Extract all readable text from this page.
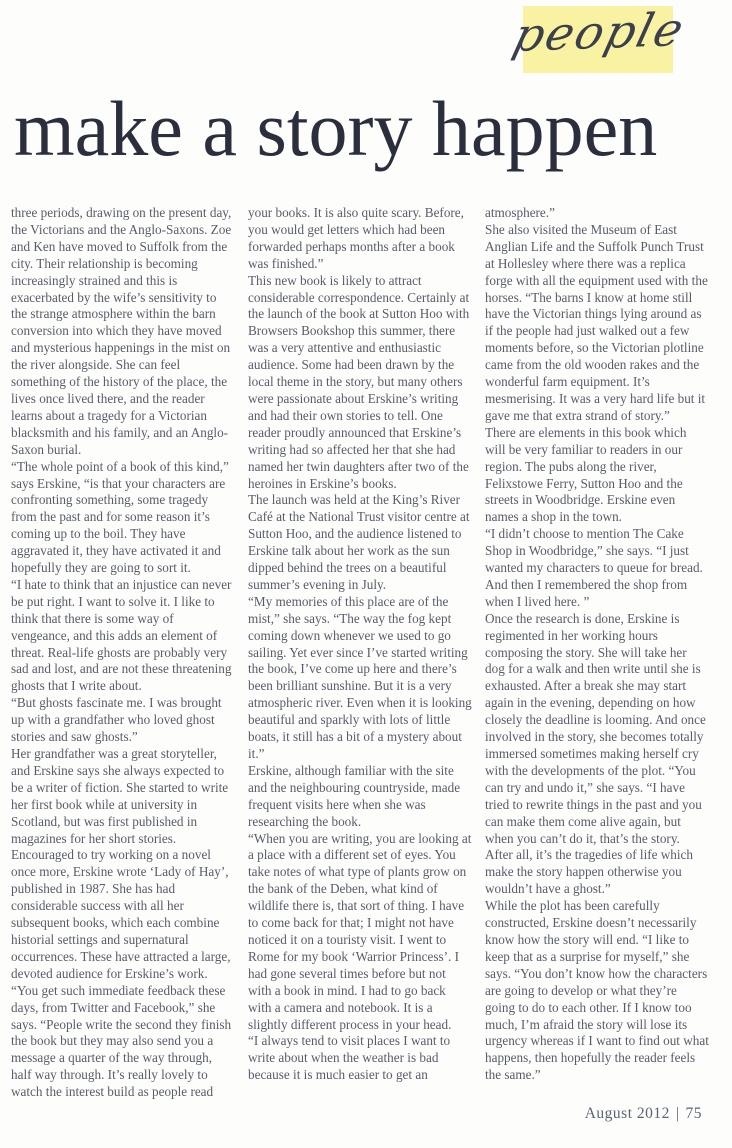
people
make a story happen

three periods, drawing on the present day, the Victorians and the Anglo-Saxons. Zoe and Ken have moved to Suffolk from the city. Their relationship is becoming increasingly strained and this is exacerbated by the wife’s sensitivity to the strange atmosphere within the barn conversion into which they have moved and mysterious happenings in the mist on the river alongside. She can feel something of the history of the place, the lives once lived there, and the reader learns about a tragedy for a Victorian blacksmith and his family, and an Anglo-Saxon burial.

“The whole point of a book of this kind,” says Erskine, “is that your characters are confronting something, some tragedy from the past and for some reason it’s coming up to the boil. They have aggravated it, they have activated it and hopefully they are going to sort it.

“I hate to think that an injustice can never be put right. I want to solve it. I like to think that there is some way of vengeance, and this adds an element of threat. Real-life ghosts are probably very sad and lost, and are not these threatening ghosts that I write about.

“But ghosts fascinate me. I was brought up with a grandfather who loved ghost stories and saw ghosts.”

Her grandfather was a great storyteller, and Erskine says she always expected to be a writer of fiction. She started to write her first book while at university in Scotland, but was first published in magazines for her short stories. Encouraged to try working on a novel once more, Erskine wrote ‘Lady of Hay’, published in 1987. She has had considerable success with all her subsequent books, which each combine historial settings and supernatural occurrences. These have attracted a large, devoted audience for Erskine’s work.

“You get such immediate feedback these days, from Twitter and Facebook,” she says. “People write the second they finish the book but they may also send you a message a quarter of the way through, half way through. It’s really lovely to watch the interest build as people read

your books. It is also quite scary. Before, you would get letters which had been forwarded perhaps months after a book was finished.”

This new book is likely to attract considerable correspondence. Certainly at the launch of the book at Sutton Hoo with Browsers Bookshop this summer, there was a very attentive and enthusiastic audience. Some had been drawn by the local theme in the story, but many others were passionate about Erskine’s writing and had their own stories to tell. One reader proudly announced that Erskine’s writing had so affected her that she had named her twin daughters after two of the heroines in Erskine’s books.

The launch was held at the King’s River Café at the National Trust visitor centre at Sutton Hoo, and the audience listened to Erskine talk about her work as the sun dipped behind the trees on a beautiful summer’s evening in July.

“My memories of this place are of the mist,” she says. “The way the fog kept coming down whenever we used to go sailing. Yet ever since I’ve started writing the book, I’ve come up here and there’s been brilliant sunshine. But it is a very atmospheric river. Even when it is looking beautiful and sparkly with lots of little boats, it still has a bit of a mystery about it.”

Erskine, although familiar with the site and the neighbouring countryside, made frequent visits here when she was researching the book.

“When you are writing, you are looking at a place with a different set of eyes. You take notes of what type of plants grow on the bank of the Deben, what kind of wildlife there is, that sort of thing. I have to come back for that; I might not have noticed it on a touristy visit. I went to Rome for my book ‘Warrior Princess’. I had gone several times before but not with a book in mind. I had to go back with a camera and notebook. It is a slightly different process in your head.

“I always tend to visit places I want to write about when the weather is bad because it is much easier to get an

atmosphere.”

She also visited the Museum of East Anglian Life and the Suffolk Punch Trust at Hollesley where there was a replica forge with all the equipment used with the horses. “The barns I know at home still have the Victorian things lying around as if the people had just walked out a few moments before, so the Victorian plotline came from the old wooden rakes and the wonderful farm equipment. It’s mesmerising. It was a very hard life but it gave me that extra strand of story.”

There are elements in this book which will be very familiar to readers in our region. The pubs along the river, Felixstowe Ferry, Sutton Hoo and the streets in Woodbridge. Erskine even names a shop in the town.

“I didn’t choose to mention The Cake Shop in Woodbridge,” she says. “I just wanted my characters to queue for bread. And then I remembered the shop from when I lived here. ”

Once the research is done, Erskine is regimented in her working hours composing the story. She will take her dog for a walk and then write until she is exhausted. After a break she may start again in the evening, depending on how closely the deadline is looming. And once involved in the story, she becomes totally immersed sometimes making herself cry with the developments of the plot. “You can try and undo it,” she says. “I have tried to rewrite things in the past and you can make them come alive again, but when you can’t do it, that’s the story. After all, it’s the tragedies of life which make the story happen otherwise you wouldn’t have a ghost.”

While the plot has been carefully constructed, Erskine doesn’t necessarily know how the story will end. “I like to keep that as a surprise for myself,” she says. “You don’t know how the characters are going to develop or what they’re going to do to each other. If I know too much, I’m afraid the story will lose its urgency whereas if I want to find out what happens, then hopefully the reader feels the same.”

August 2012 | 75
